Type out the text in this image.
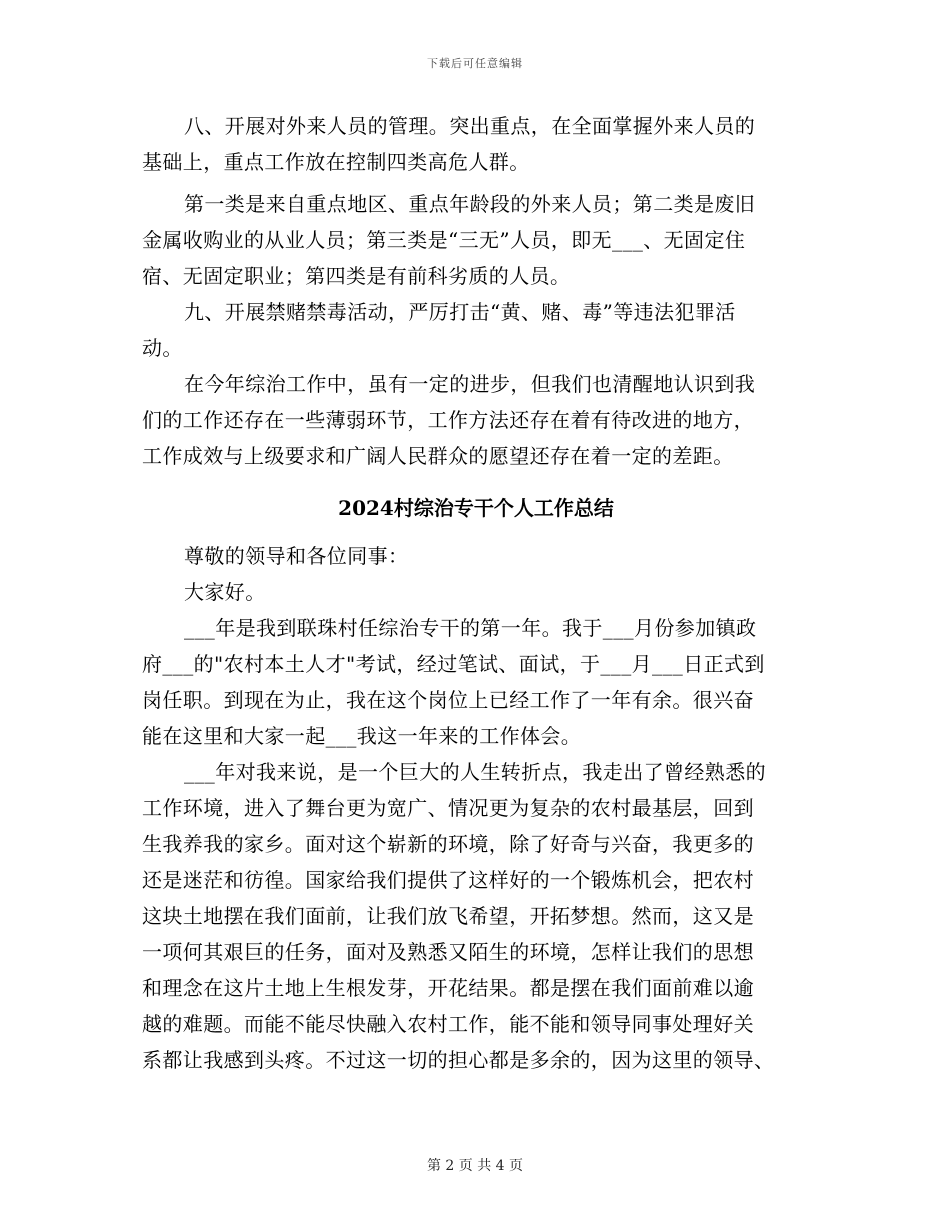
下载后可任意编辑
八、开展对外来人员的管理。突出重点，在全面掌握外来人员的
基础上，重点工作放在控制四类高危人群。
第一类是来自重点地区、重点年龄段的外来人员；第二类是废旧
金属收购业的从业人员；第三类是“三无”人员，即无___、无固定住
宿、无固定职业；第四类是有前科劣质的人员。
九、开展禁赌禁毒活动，严厉打击“黄、赌、毒”等违法犯罪活
动。
在今年综治工作中，虽有一定的进步，但我们也清醒地认识到我
们的工作还存在一些薄弱环节，工作方法还存在着有待改进的地方，
工作成效与上级要求和广阔人民群众的愿望还存在着一定的差距。
2024村综治专干个人工作总结
尊敬的领导和各位同事：
大家好。
___年是我到联珠村任综治专干的第一年。我于___月份参加镇政
府___的"农村本土人才"考试，经过笔试、面试，于___月___日正式到
岗任职。到现在为止，我在这个岗位上已经工作了一年有余。很兴奋
能在这里和大家一起___我这一年来的工作体会。
___年对我来说，是一个巨大的人生转折点，我走出了曾经熟悉的
工作环境，进入了舞台更为宽广、情况更为复杂的农村最基层，回到
生我养我的家乡。面对这个崭新的环境，除了好奇与兴奋，我更多的
还是迷茫和彷徨。国家给我们提供了这样好的一个锻炼机会，把农村
这块土地摆在我们面前，让我们放飞希望，开拓梦想。然而，这又是
一项何其艰巨的任务，面对及熟悉又陌生的环境，怎样让我们的思想
和理念在这片土地上生根发芽，开花结果。都是摆在我们面前难以逾
越的难题。而能不能尽快融入农村工作，能不能和领导同事处理好关
系都让我感到头疼。不过这一切的担心都是多余的，因为这里的领导、
第 2 页 共 4 页
